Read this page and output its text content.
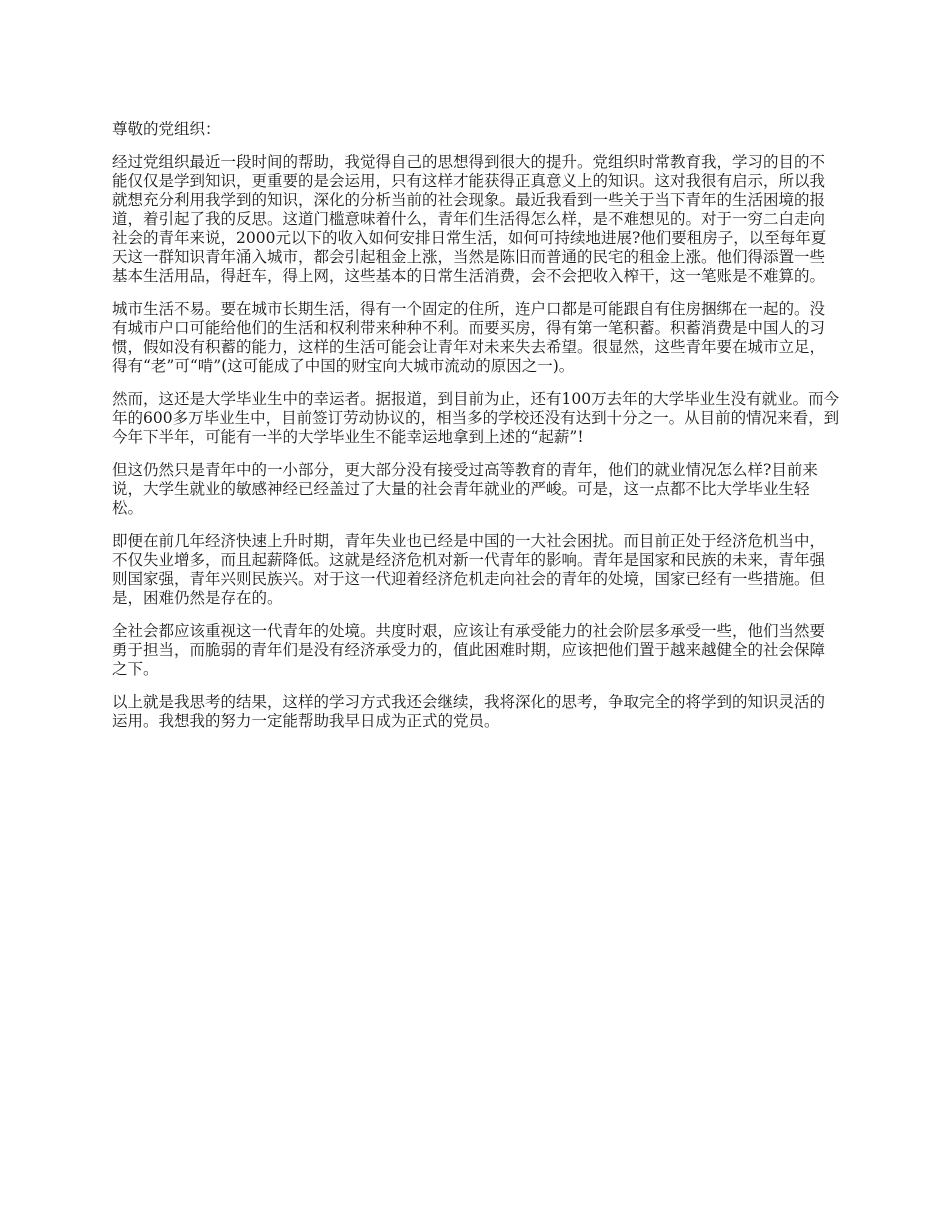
尊敬的党组织：

经过党组织最近一段时间的帮助，我觉得自己的思想得到很大的提升。党组织时常教育我，学习的目的不能仅仅是学到知识，更重要的是会运用，只有这样才能获得正真意义上的知识。这对我很有启示，所以我就想充分利用我学到的知识，深化的分析当前的社会现象。最近我看到一些关于当下青年的生活困境的报道，着引起了我的反思。这道门槛意味着什么，青年们生活得怎么样，是不难想见的。对于一穷二白走向社会的青年来说，2000元以下的收入如何安排日常生活，如何可持续地进展?他们要租房子，以至每年夏天这一群知识青年涌入城市，都会引起租金上涨，当然是陈旧而普通的民宅的租金上涨。他们得添置一些基本生活用品，得赶车，得上网，这些基本的日常生活消费，会不会把收入榨干，这一笔账是不难算的。

城市生活不易。要在城市长期生活，得有一个固定的住所，连户口都是可能跟自有住房捆绑在一起的。没有城市户口可能给他们的生活和权利带来种种不利。而要买房，得有第一笔积蓄。积蓄消费是中国人的习惯，假如没有积蓄的能力，这样的生活可能会让青年对未来失去希望。很显然，这些青年要在城市立足，得有“老”可“啃”(这可能成了中国的财宝向大城市流动的原因之一)。

然而，这还是大学毕业生中的幸运者。据报道，到目前为止，还有100万去年的大学毕业生没有就业。而今年的600多万毕业生中，目前签订劳动协议的，相当多的学校还没有达到十分之一。从目前的情况来看，到今年下半年，可能有一半的大学毕业生不能幸运地拿到上述的“起薪”!

但这仍然只是青年中的一小部分，更大部分没有接受过高等教育的青年，他们的就业情况怎么样?目前来说，大学生就业的敏感神经已经盖过了大量的社会青年就业的严峻。可是，这一点都不比大学毕业生轻松。

即便在前几年经济快速上升时期，青年失业也已经是中国的一大社会困扰。而目前正处于经济危机当中，不仅失业增多，而且起薪降低。这就是经济危机对新一代青年的影响。青年是国家和民族的未来，青年强则国家强，青年兴则民族兴。对于这一代迎着经济危机走向社会的青年的处境，国家已经有一些措施。但是，困难仍然是存在的。

全社会都应该重视这一代青年的处境。共度时艰，应该让有承受能力的社会阶层多承受一些，他们当然要勇于担当，而脆弱的青年们是没有经济承受力的，值此困难时期，应该把他们置于越来越健全的社会保障之下。

以上就是我思考的结果，这样的学习方式我还会继续，我将深化的思考，争取完全的将学到的知识灵活的运用。我想我的努力一定能帮助我早日成为正式的党员。
